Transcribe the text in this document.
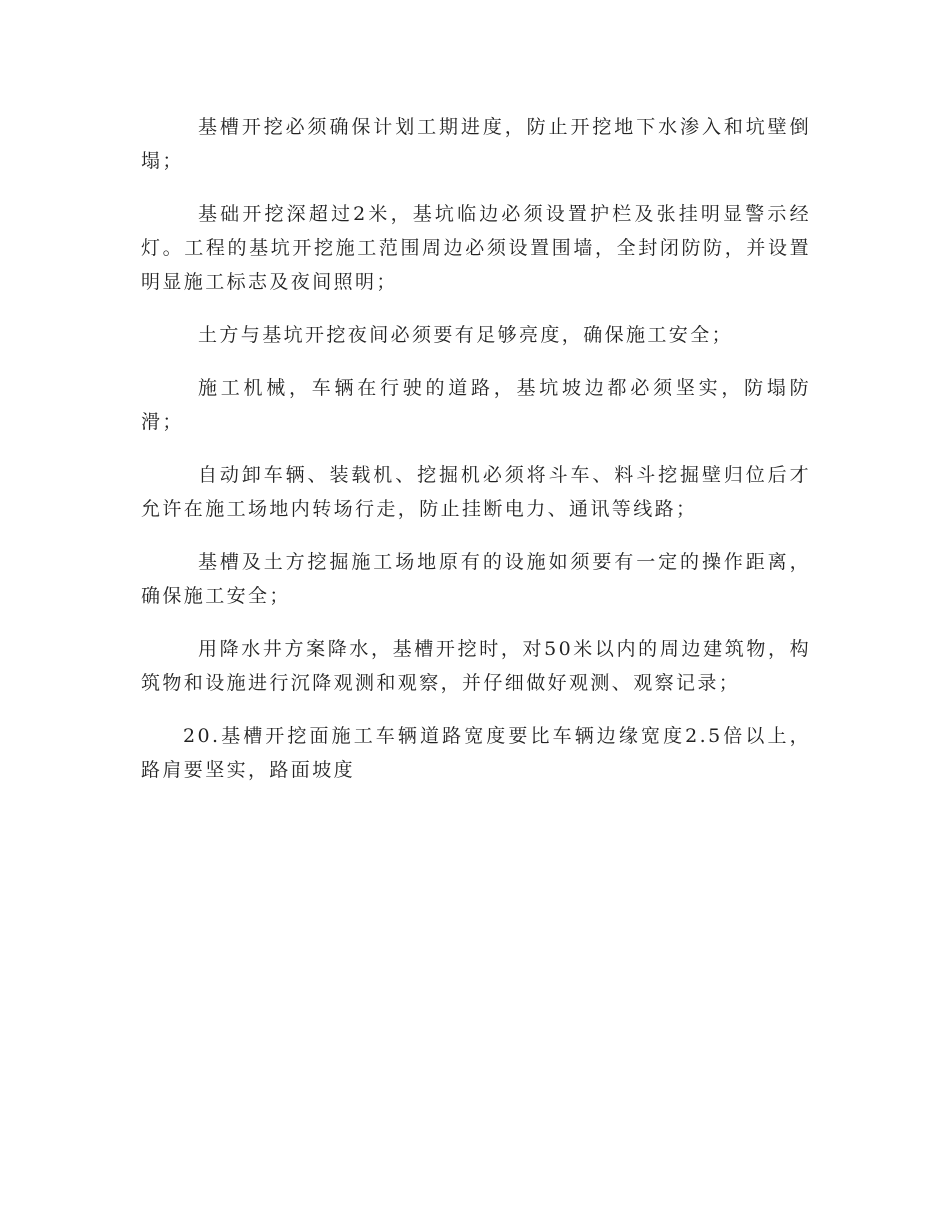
基槽开挖必须确保计划工期进度，防止开挖地下水渗入和坑壁倒塌；

基础开挖深超过2米，基坑临边必须设置护栏及张挂明显警示经灯。工程的基坑开挖施工范围周边必须设置围墙，全封闭防防，并设置明显施工标志及夜间照明；

土方与基坑开挖夜间必须要有足够亮度，确保施工安全；

施工机械，车辆在行驶的道路，基坑坡边都必须坚实，防塌防滑；

自动卸车辆、装载机、挖掘机必须将斗车、料斗挖掘壁归位后才允许在施工场地内转场行走，防止挂断电力、通讯等线路；

基槽及土方挖掘施工场地原有的设施如须要有一定的操作距离，确保施工安全；

用降水井方案降水，基槽开挖时，对50米以内的周边建筑物，构筑物和设施进行沉降观测和观察，并仔细做好观测、观察记录；

20.基槽开挖面施工车辆道路宽度要比车辆边缘宽度2.5倍以上，路肩要坚实，路面坡度
